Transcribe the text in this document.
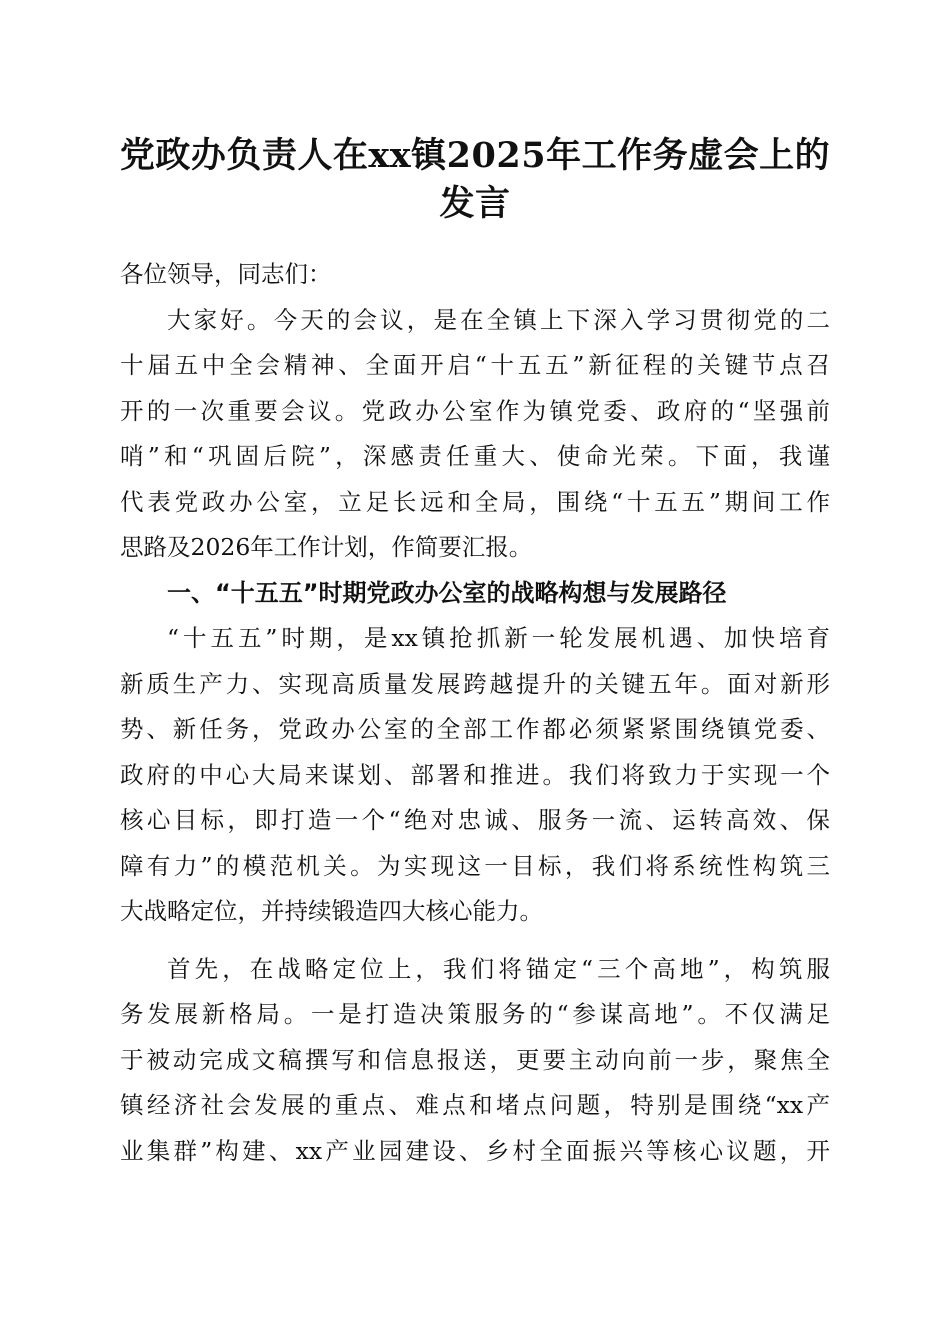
党政办负责人在xx镇2025年工作务虚会上的
发言

各位领导，同志们：

大家好。今天的会议，是在全镇上下深入学习贯彻党的二

十届五中全会精神、全面开启“十五五”新征程的关键节点召

开的一次重要会议。党政办公室作为镇党委、政府的“坚强前

哨”和“巩固后院”，深感责任重大、使命光荣。下面，我谨

代表党政办公室，立足长远和全局，围绕“十五五”期间工作

思路及2026年工作计划，作简要汇报。

一、“十五五”时期党政办公室的战略构想与发展路径

“十五五”时期，是xx镇抢抓新一轮发展机遇、加快培育

新质生产力、实现高质量发展跨越提升的关键五年。面对新形

势、新任务，党政办公室的全部工作都必须紧紧围绕镇党委、

政府的中心大局来谋划、部署和推进。我们将致力于实现一个

核心目标，即打造一个“绝对忠诚、服务一流、运转高效、保

障有力”的模范机关。为实现这一目标，我们将系统性构筑三

大战略定位，并持续锻造四大核心能力。

首先，在战略定位上，我们将锚定“三个高地”，构筑服

务发展新格局。一是打造决策服务的“参谋高地”。不仅满足

于被动完成文稿撰写和信息报送，更要主动向前一步，聚焦全

镇经济社会发展的重点、难点和堵点问题，特别是围绕“xx产

业集群”构建、xx产业园建设、乡村全面振兴等核心议题，开
